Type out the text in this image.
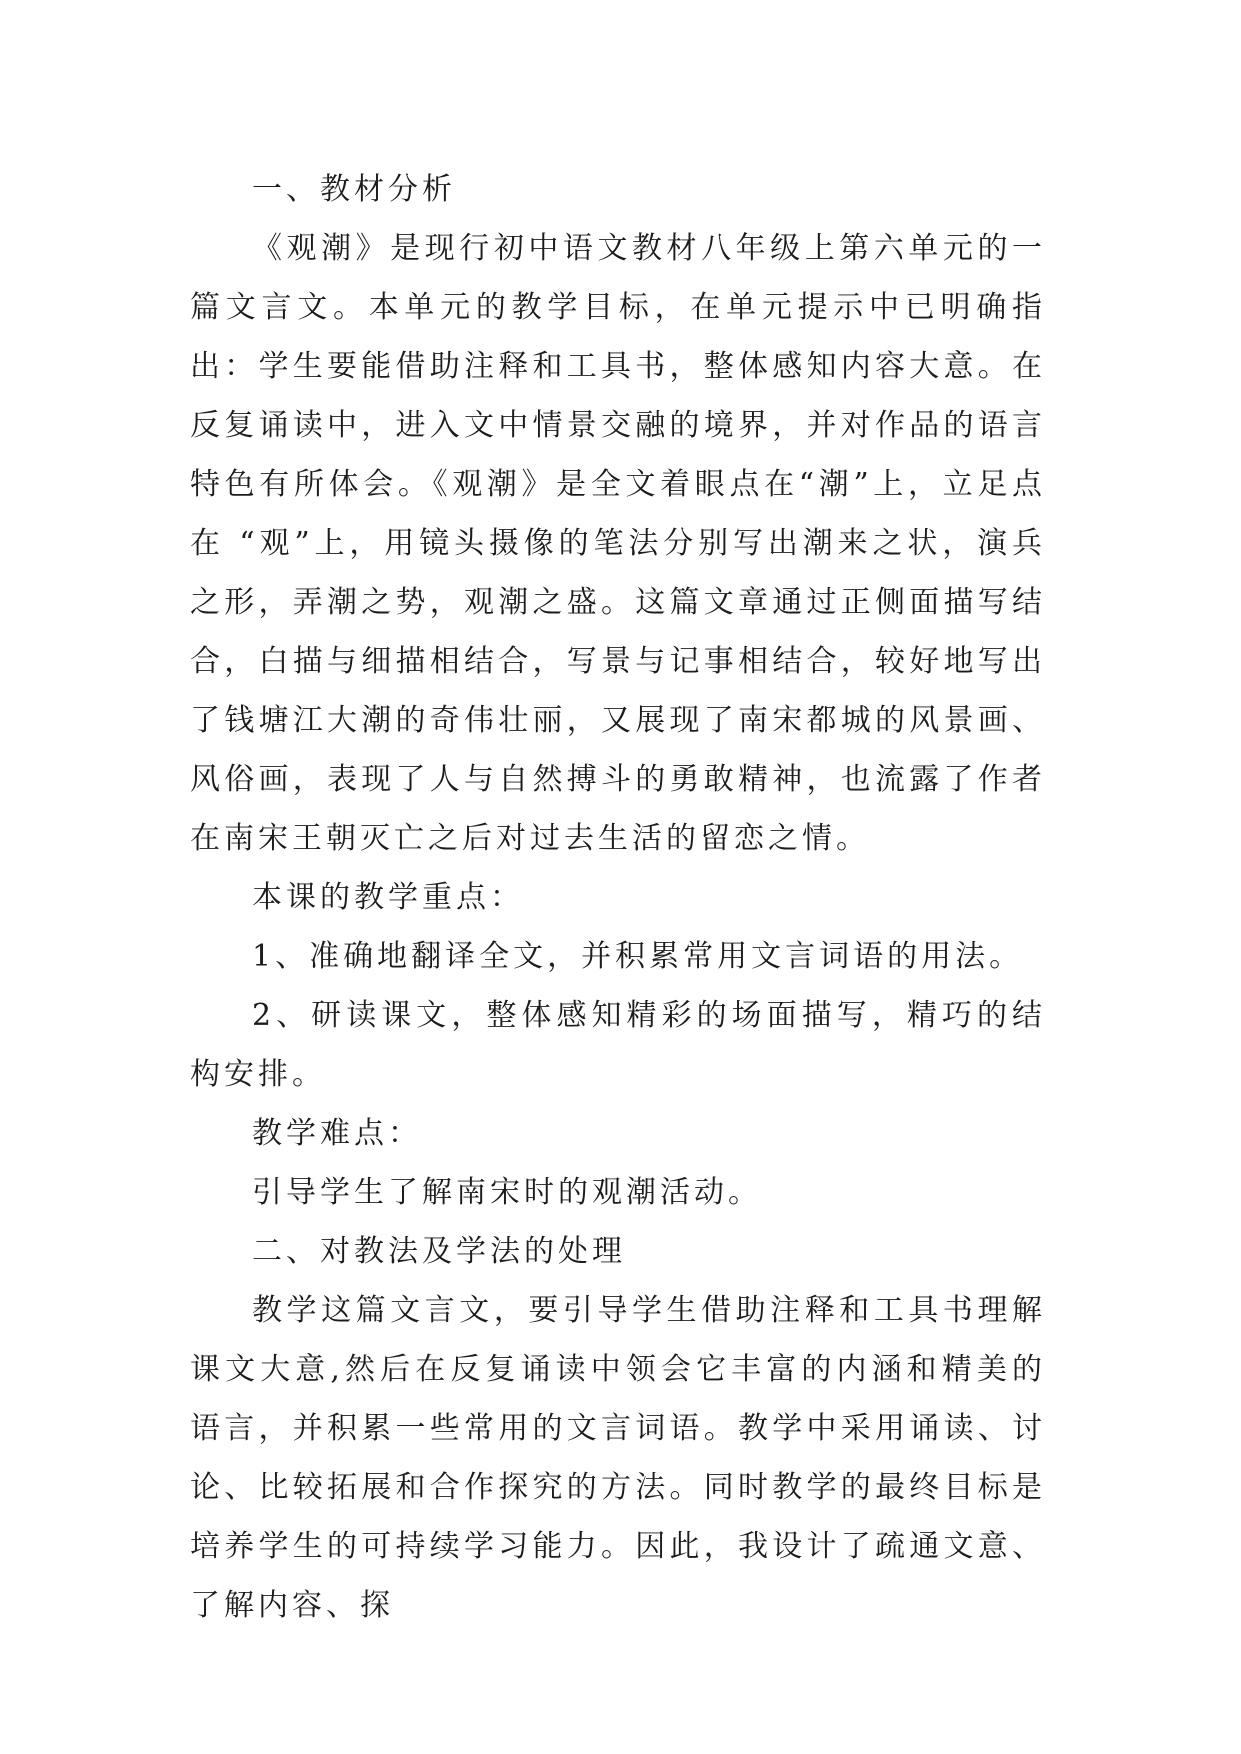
一、教材分析

《观潮》是现行初中语文教材八年级上第六单元的一篇文言文。本单元的教学目标，在单元提示中已明确指出：学生要能借助注释和工具书，整体感知内容大意。在反复诵读中，进入文中情景交融的境界，并对作品的语言特色有所体会。《观潮》是全文着眼点在“潮”上，立足点在 “观”上，用镜头摄像的笔法分别写出潮来之状，演兵之形，弄潮之势，观潮之盛。这篇文章通过正侧面描写结合，白描与细描相结合，写景与记事相结合，较好地写出了钱塘江大潮的奇伟壮丽，又展现了南宋都城的风景画、风俗画，表现了人与自然搏斗的勇敢精神，也流露了作者在南宋王朝灭亡之后对过去生活的留恋之情。

本课的教学重点：

1、准确地翻译全文，并积累常用文言词语的用法。

2、研读课文，整体感知精彩的场面描写，精巧的结构安排。

教学难点：

引导学生了解南宋时的观潮活动。

二、对教法及学法的处理

教学这篇文言文，要引导学生借助注释和工具书理解课文大意,然后在反复诵读中领会它丰富的内涵和精美的语言，并积累一些常用的文言词语。教学中采用诵读、讨论、比较拓展和合作探究的方法。同时教学的最终目标是培养学生的可持续学习能力。因此，我设计了疏通文意、了解内容、探
